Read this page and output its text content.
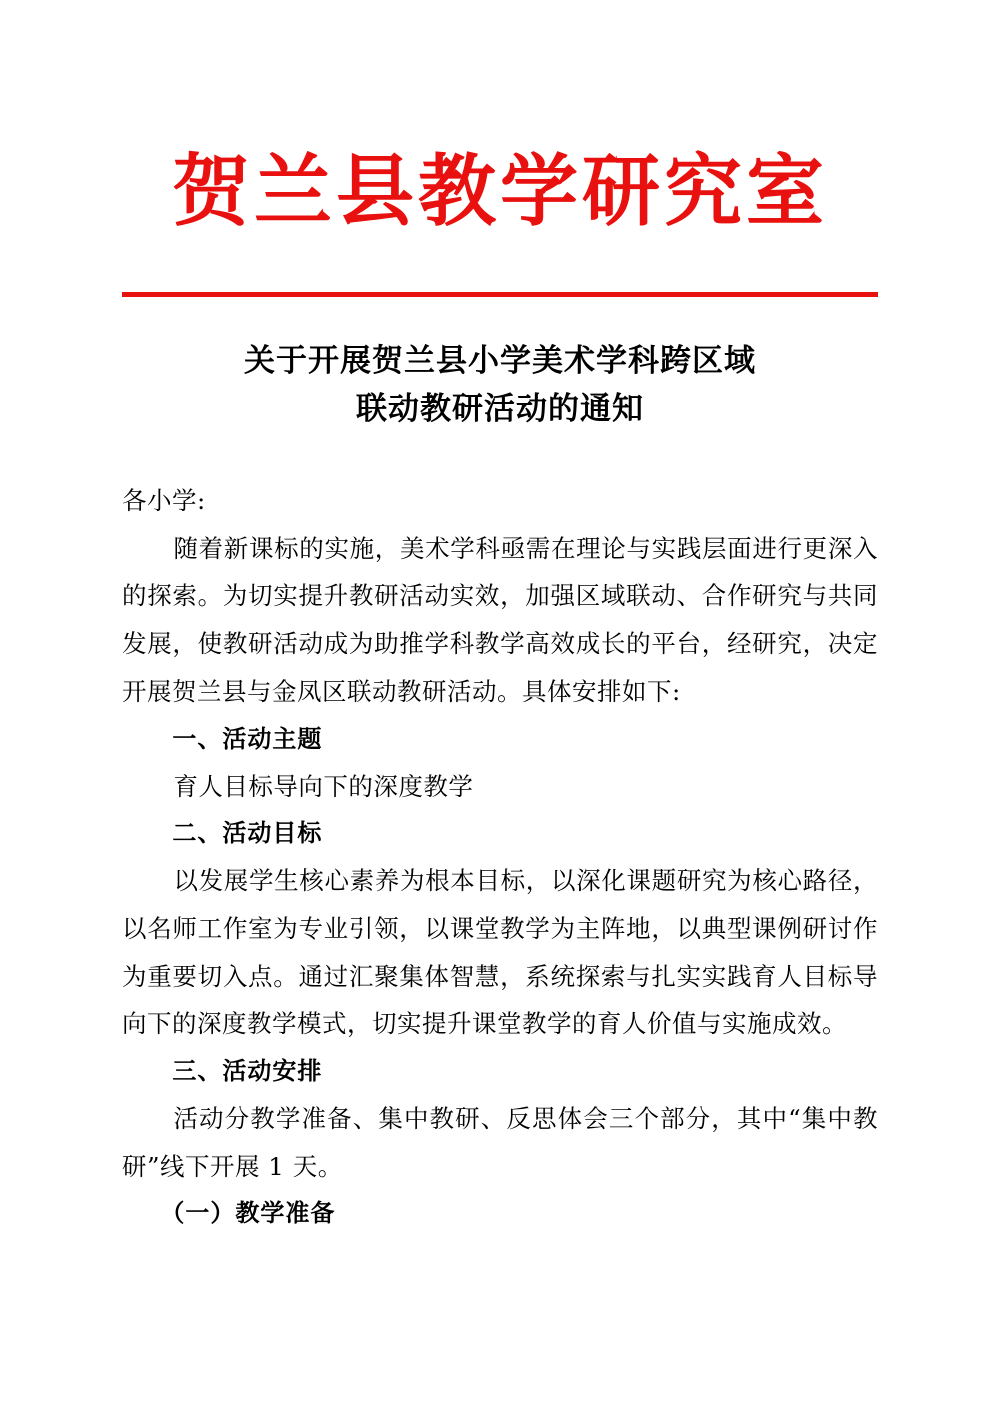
贺兰县教学研究室
关于开展贺兰县小学美术学科跨区域
联动教研活动的通知

各小学:

随着新课标的实施，美术学科亟需在理论与实践层面进行更深入的探索。为切实提升教研活动实效，加强区域联动、合作研究与共同发展，使教研活动成为助推学科教学高效成长的平台，经研究，决定开展贺兰县与金凤区联动教研活动。具体安排如下:

一、活动主题

育人目标导向下的深度教学

二、活动目标

以发展学生核心素养为根本目标，以深化课题研究为核心路径，以名师工作室为专业引领，以课堂教学为主阵地，以典型课例研讨作为重要切入点。通过汇聚集体智慧，系统探索与扎实实践育人目标导向下的深度教学模式，切实提升课堂教学的育人价值与实施成效。

三、活动安排

活动分教学准备、集中教研、反思体会三个部分，其中“集中教研”线下开展 1 天。

（一）教学准备
